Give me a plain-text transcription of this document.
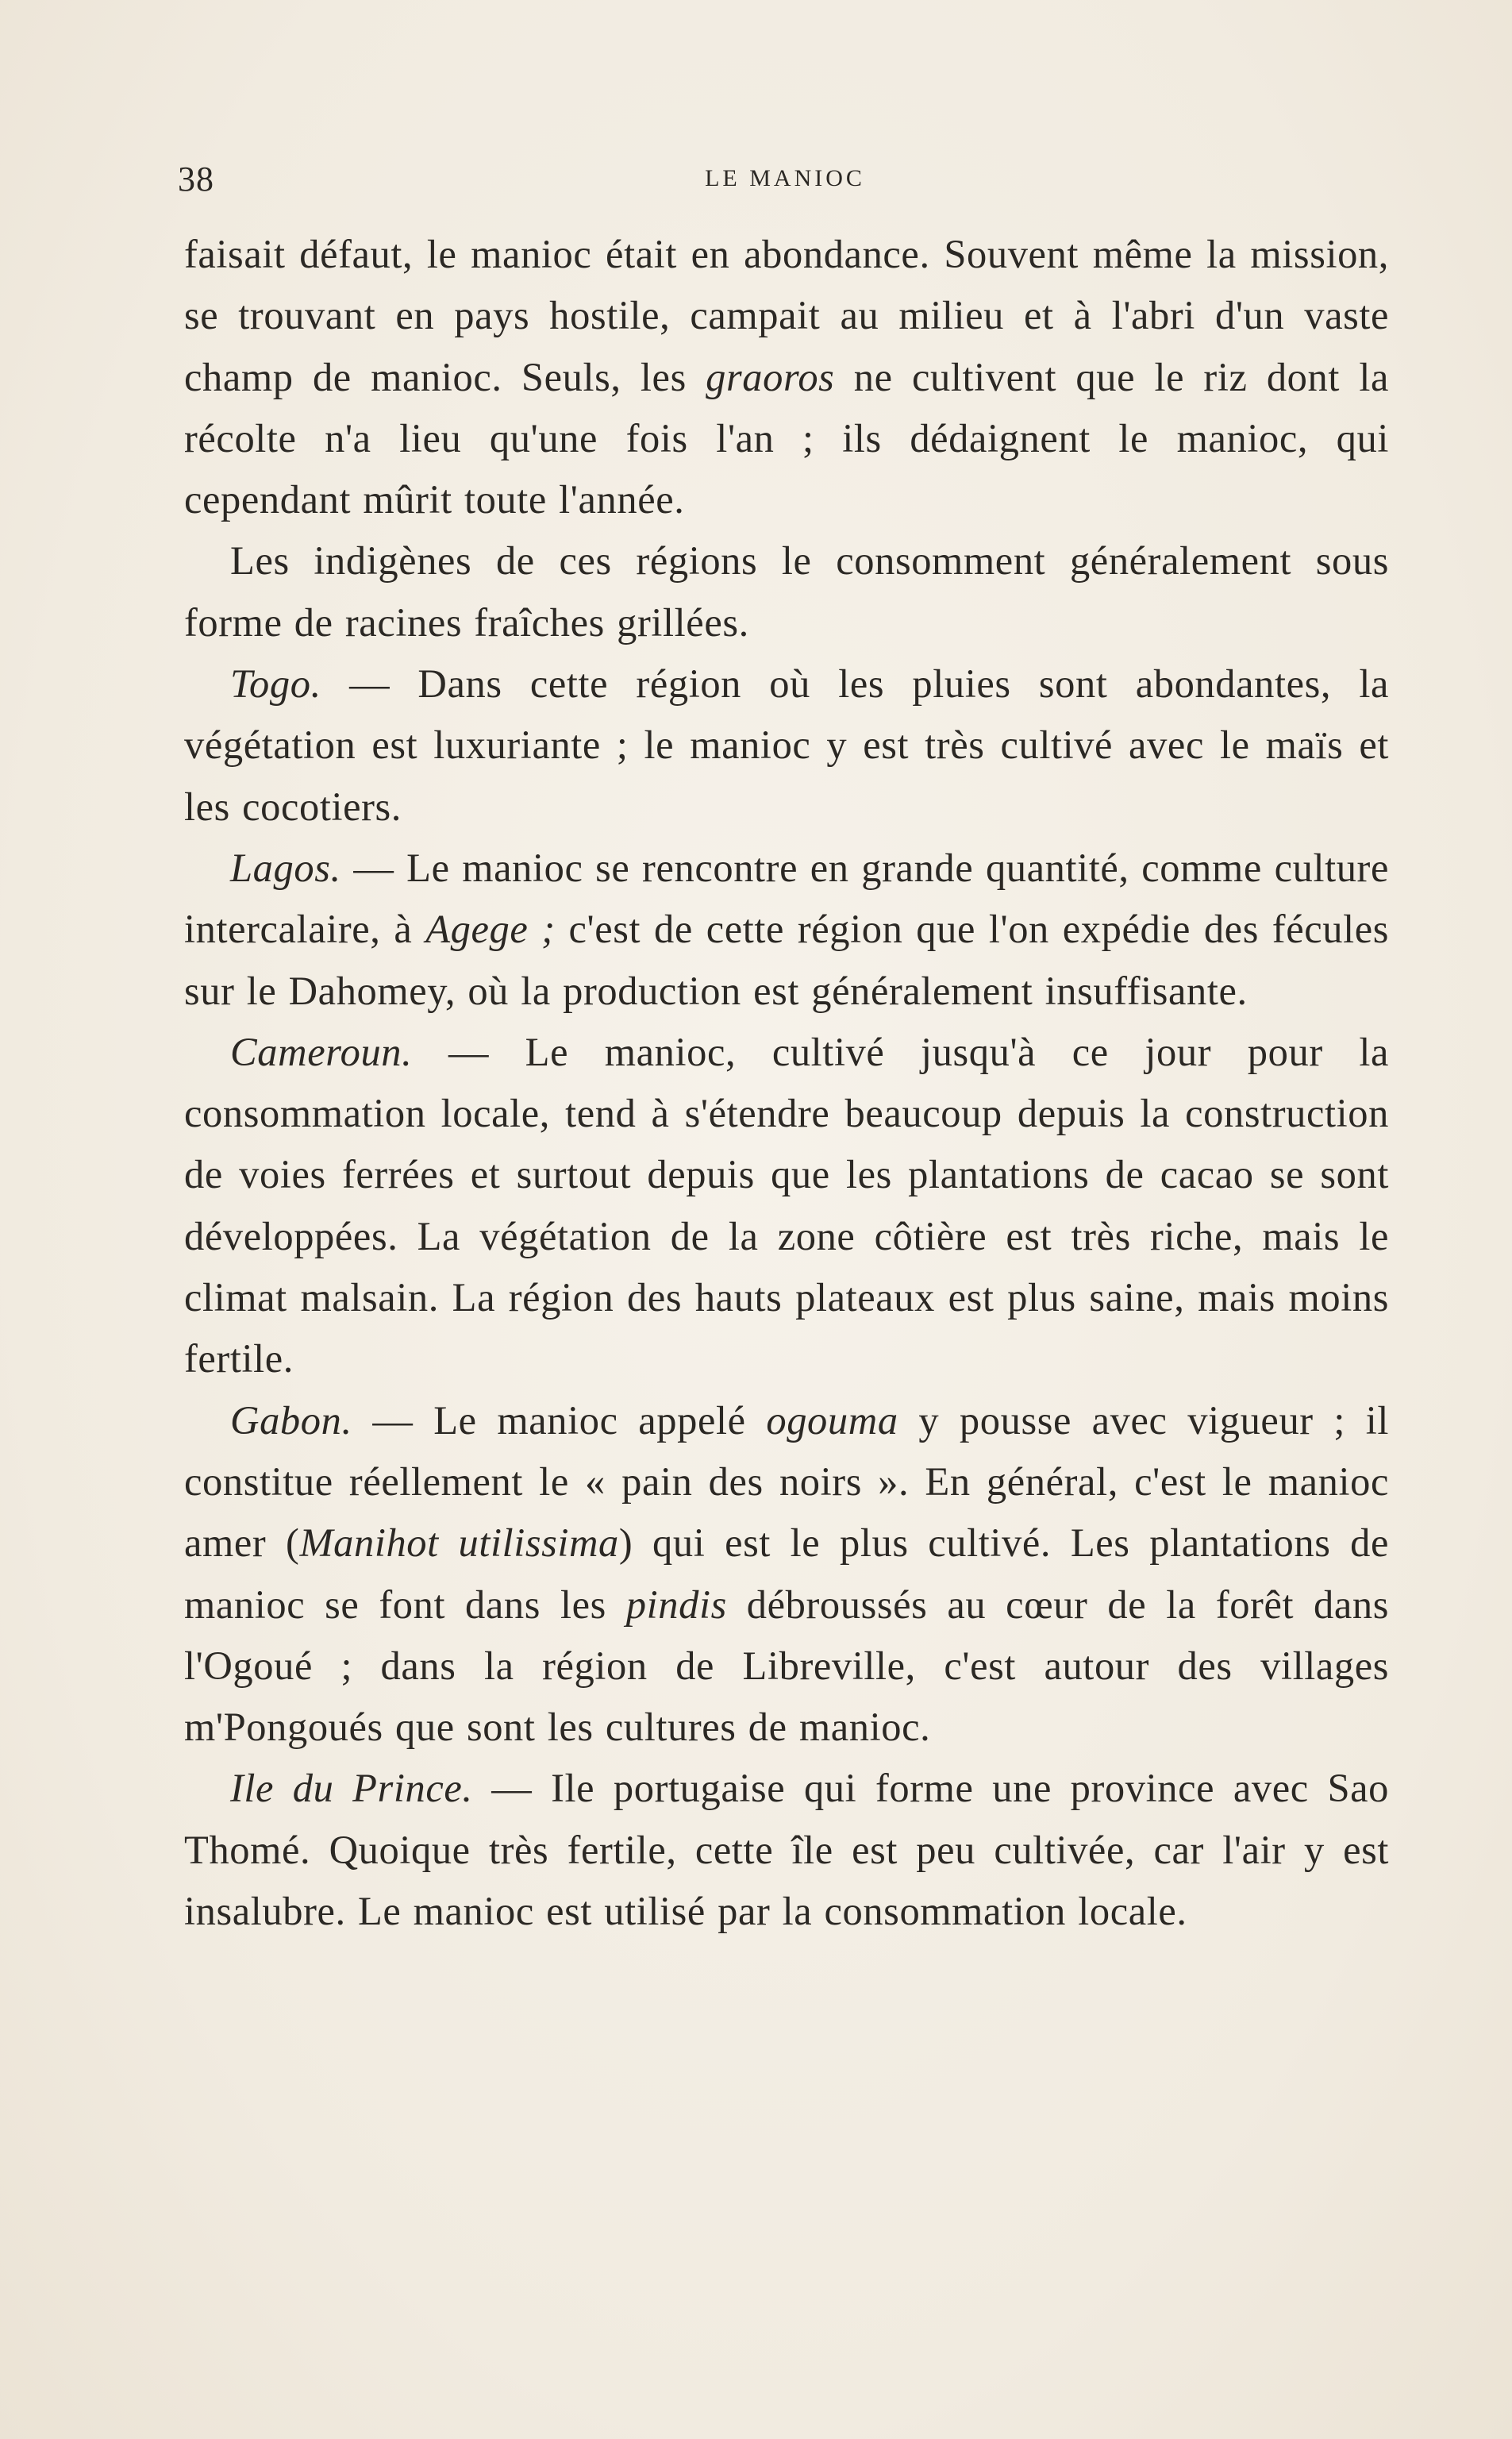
38	LE MANIOC

faisait défaut, le manioc était en abondance. Souvent même la mission, se trouvant en pays hostile, campait au milieu et à l'abri d'un vaste champ de manioc. Seuls, les graoros ne cultivent que le riz dont la récolte n'a lieu qu'une fois l'an ; ils dédaignent le manioc, qui cependant mûrit toute l'année.

Les indigènes de ces régions le consomment généralement sous forme de racines fraîches grillées.

Togo. — Dans cette région où les pluies sont abondantes, la végétation est luxuriante ; le manioc y est très cultivé avec le maïs et les cocotiers.

Lagos. — Le manioc se rencontre en grande quantité, comme culture intercalaire, à Agege ; c'est de cette région que l'on expédie des fécules sur le Dahomey, où la production est généralement insuffisante.

Cameroun. — Le manioc, cultivé jusqu'à ce jour pour la consommation locale, tend à s'étendre beaucoup depuis la construction de voies ferrées et surtout depuis que les plantations de cacao se sont développées. La végétation de la zone côtière est très riche, mais le climat malsain. La région des hauts plateaux est plus saine, mais moins fertile.

Gabon. — Le manioc appelé ogouma y pousse avec vigueur ; il constitue réellement le « pain des noirs ». En général, c'est le manioc amer (Manihot utilissima) qui est le plus cultivé. Les plantations de manioc se font dans les pindis débroussés au cœur de la forêt dans l'Ogoué ; dans la région de Libreville, c'est autour des villages m'Pongoués que sont les cultures de manioc.

Ile du Prince. — Ile portugaise qui forme une province avec Sao Thomé. Quoique très fertile, cette île est peu cultivée, car l'air y est insalubre. Le manioc est utilisé par la consommation locale.
